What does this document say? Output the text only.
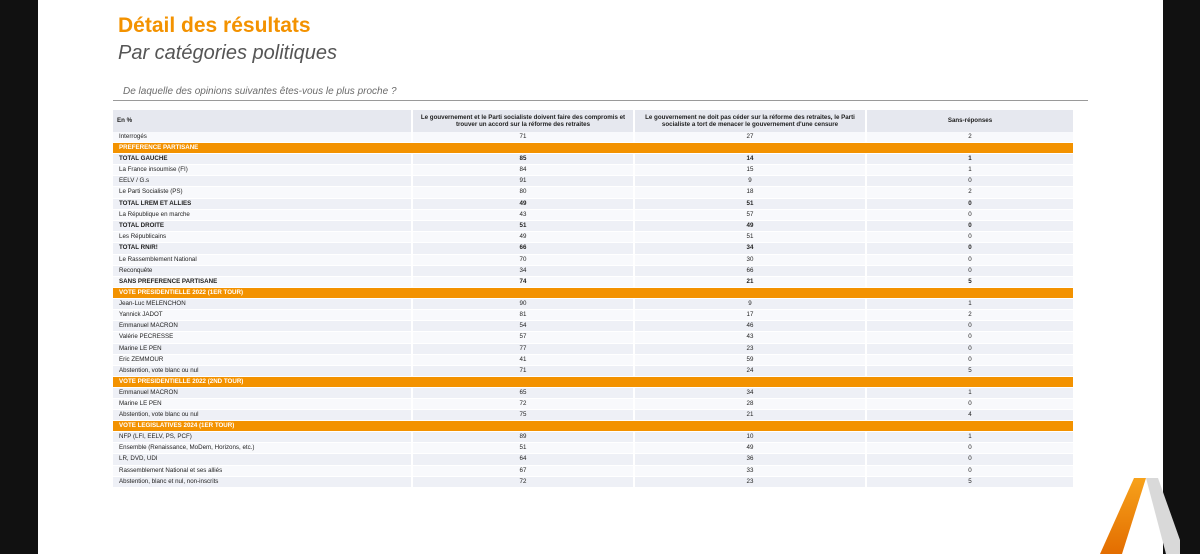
Détail des résultats
Par catégories politiques
De laquelle des opinions suivantes êtes-vous le plus proche ?
En %	Le gouvernement et le Parti socialiste doivent faire des compromis et trouver un accord sur la réforme des retraites	Le gouvernement ne doit pas céder sur la réforme des retraites, le Parti socialiste a tort de menacer le gouvernement d'une censure	Sans-réponses
Interrogés	71	27	2
PREFERENCE PARTISANE			
TOTAL GAUCHE	85	14	1
La France insoumise (FI)	84	15	1
EELV / G.s	91	9	0
Le Parti Socialiste (PS)	80	18	2
TOTAL LREM ET ALLIES	49	51	0
La République en marche	43	57	0
TOTAL DROITE	51	49	0
Les Républicains	49	51	0
TOTAL RN/R!	66	34	0
Le Rassemblement National	70	30	0
Reconquête	34	66	0
SANS PREFERENCE PARTISANE	74	21	5
VOTE PRESIDENTIELLE 2022 (1ER TOUR)			
Jean-Luc MELENCHON	90	9	1
Yannick JADOT	81	17	2
Emmanuel MACRON	54	46	0
Valérie PECRESSE	57	43	0
Marine LE PEN	77	23	0
Eric ZEMMOUR	41	59	0
Abstention, vote blanc ou nul	71	24	5
VOTE PRESIDENTIELLE 2022 (2ND TOUR)			
Emmanuel MACRON	65	34	1
Marine LE PEN	72	28	0
Abstention, vote blanc ou nul	75	21	4
VOTE LEGISLATIVES 2024 (1ER TOUR)			
NFP (LFI, EELV, PS, PCF)	89	10	1
Ensemble (Renaissance, MoDem, Horizons, etc.)	51	49	0
LR, DVD, UDI	64	36	0
Rassemblement National et ses alliés	67	33	0
Abstention, blanc et nul, non-inscrits	72	23	5
